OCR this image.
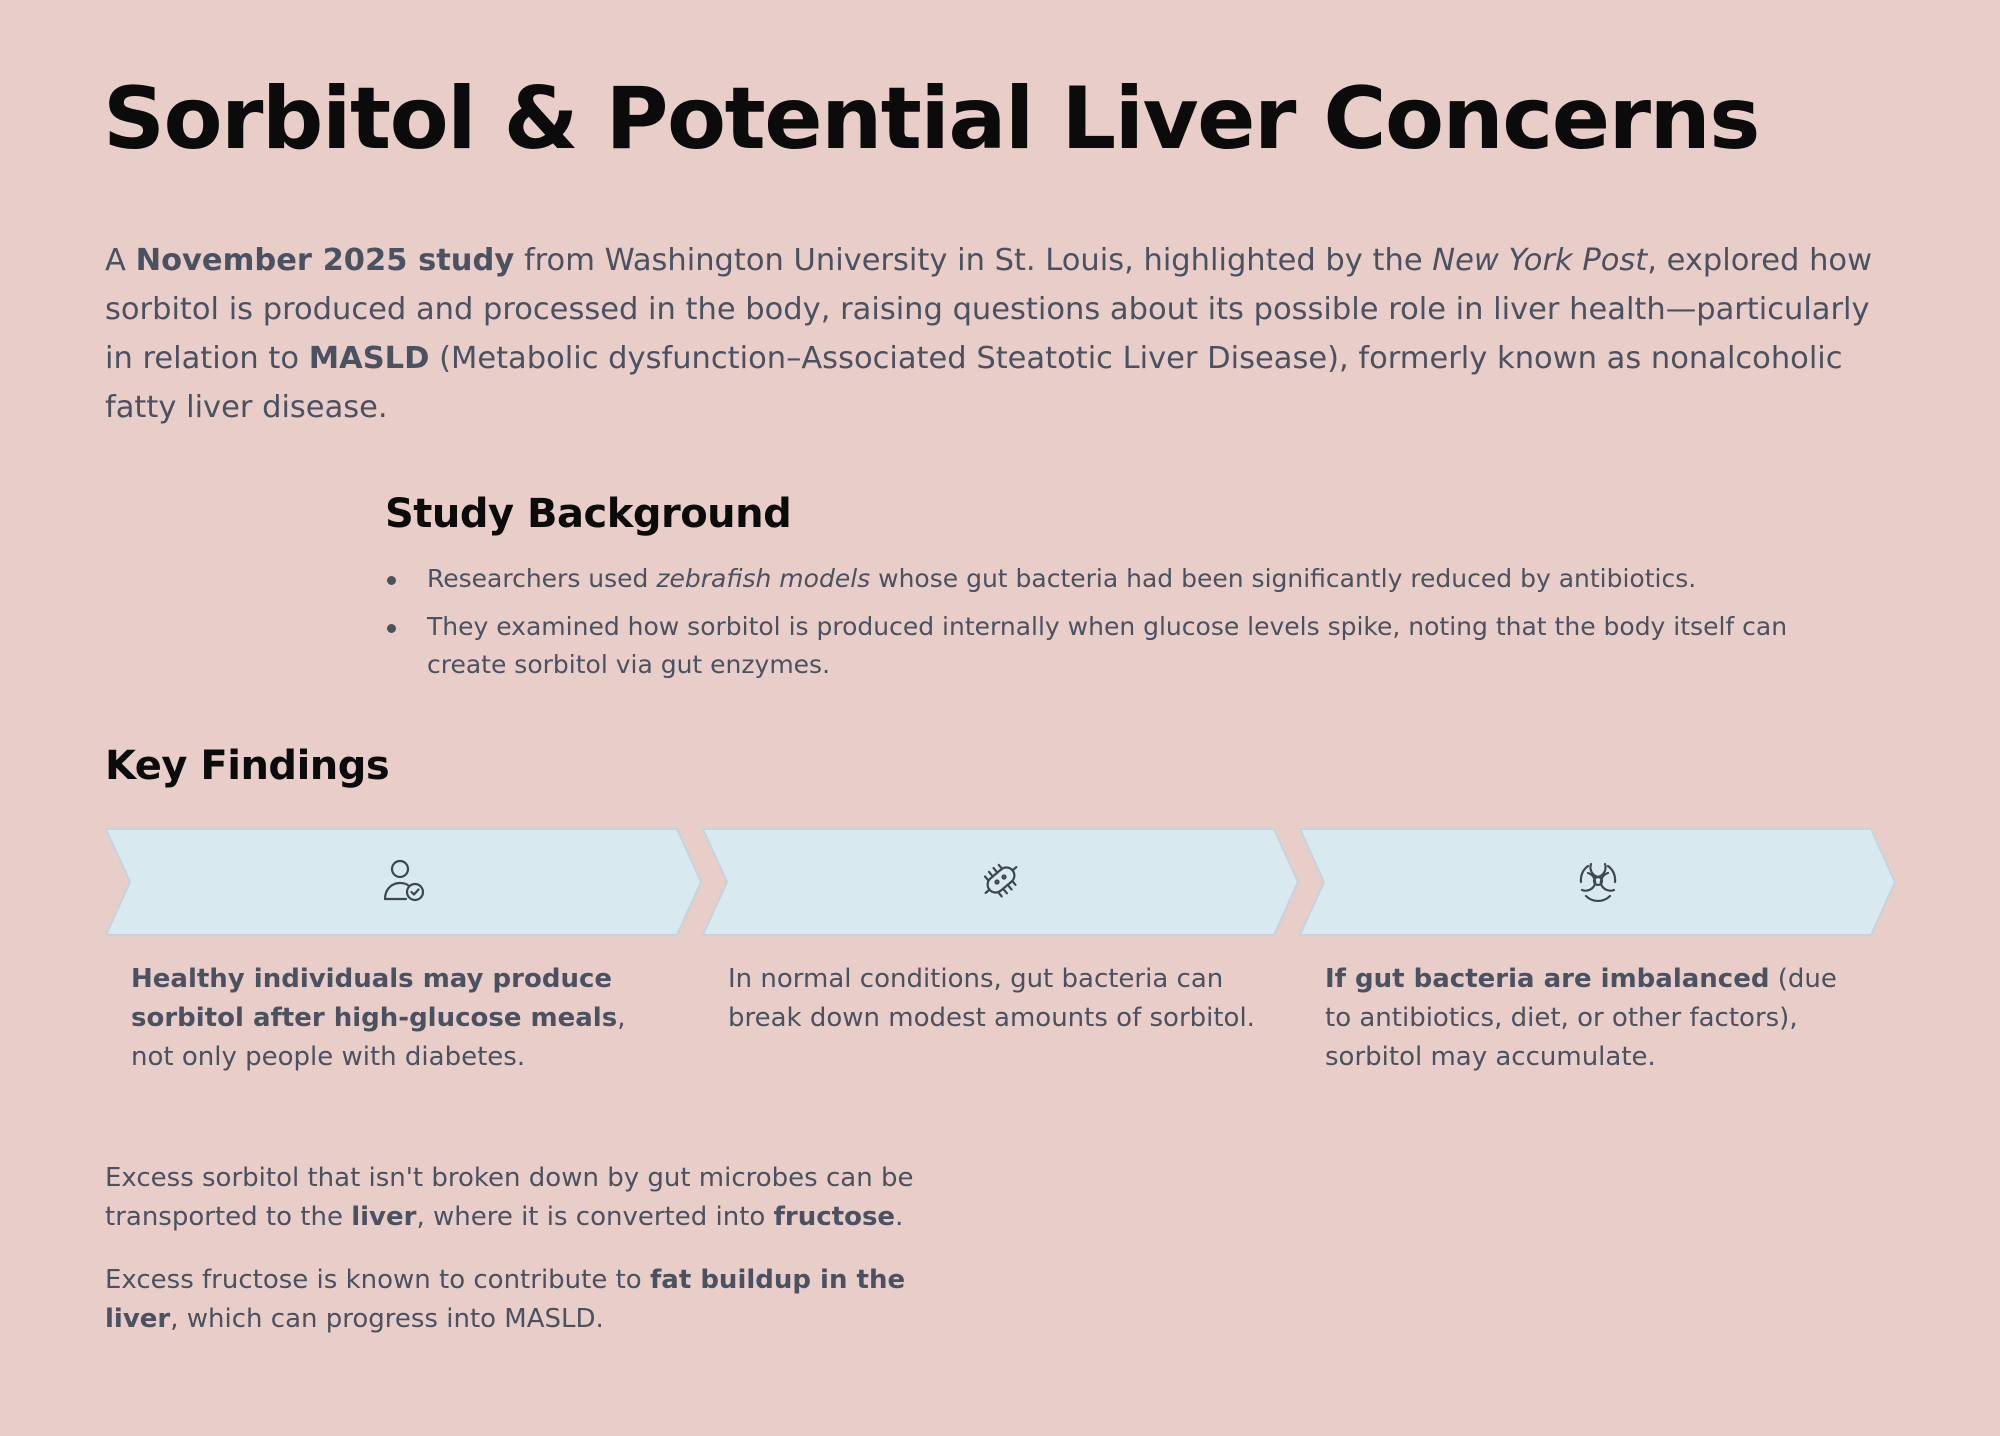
Sorbitol & Potential Liver Concerns

A November 2025 study from Washington University in St. Louis, highlighted by the New York Post, explored how sorbitol is produced and processed in the body, raising questions about its possible role in liver health—particularly in relation to MASLD (Metabolic dysfunction–Associated Steatotic Liver Disease), formerly known as nonalcoholic fatty liver disease.

Study Background
Researchers used zebrafish models whose gut bacteria had been significantly reduced by antibiotics.
They examined how sorbitol is produced internally when glucose levels spike, noting that the body itself can create sorbitol via gut enzymes.
Key Findings

Healthy individuals may produce sorbitol after high-glucose meals, not only people with diabetes.

In normal conditions, gut bacteria can break down modest amounts of sorbitol.

If gut bacteria are imbalanced (due to antibiotics, diet, or other factors), sorbitol may accumulate.

Excess sorbitol that isn't broken down by gut microbes can be transported to the liver, where it is converted into fructose.

Excess fructose is known to contribute to fat buildup in the liver, which can progress into MASLD.
